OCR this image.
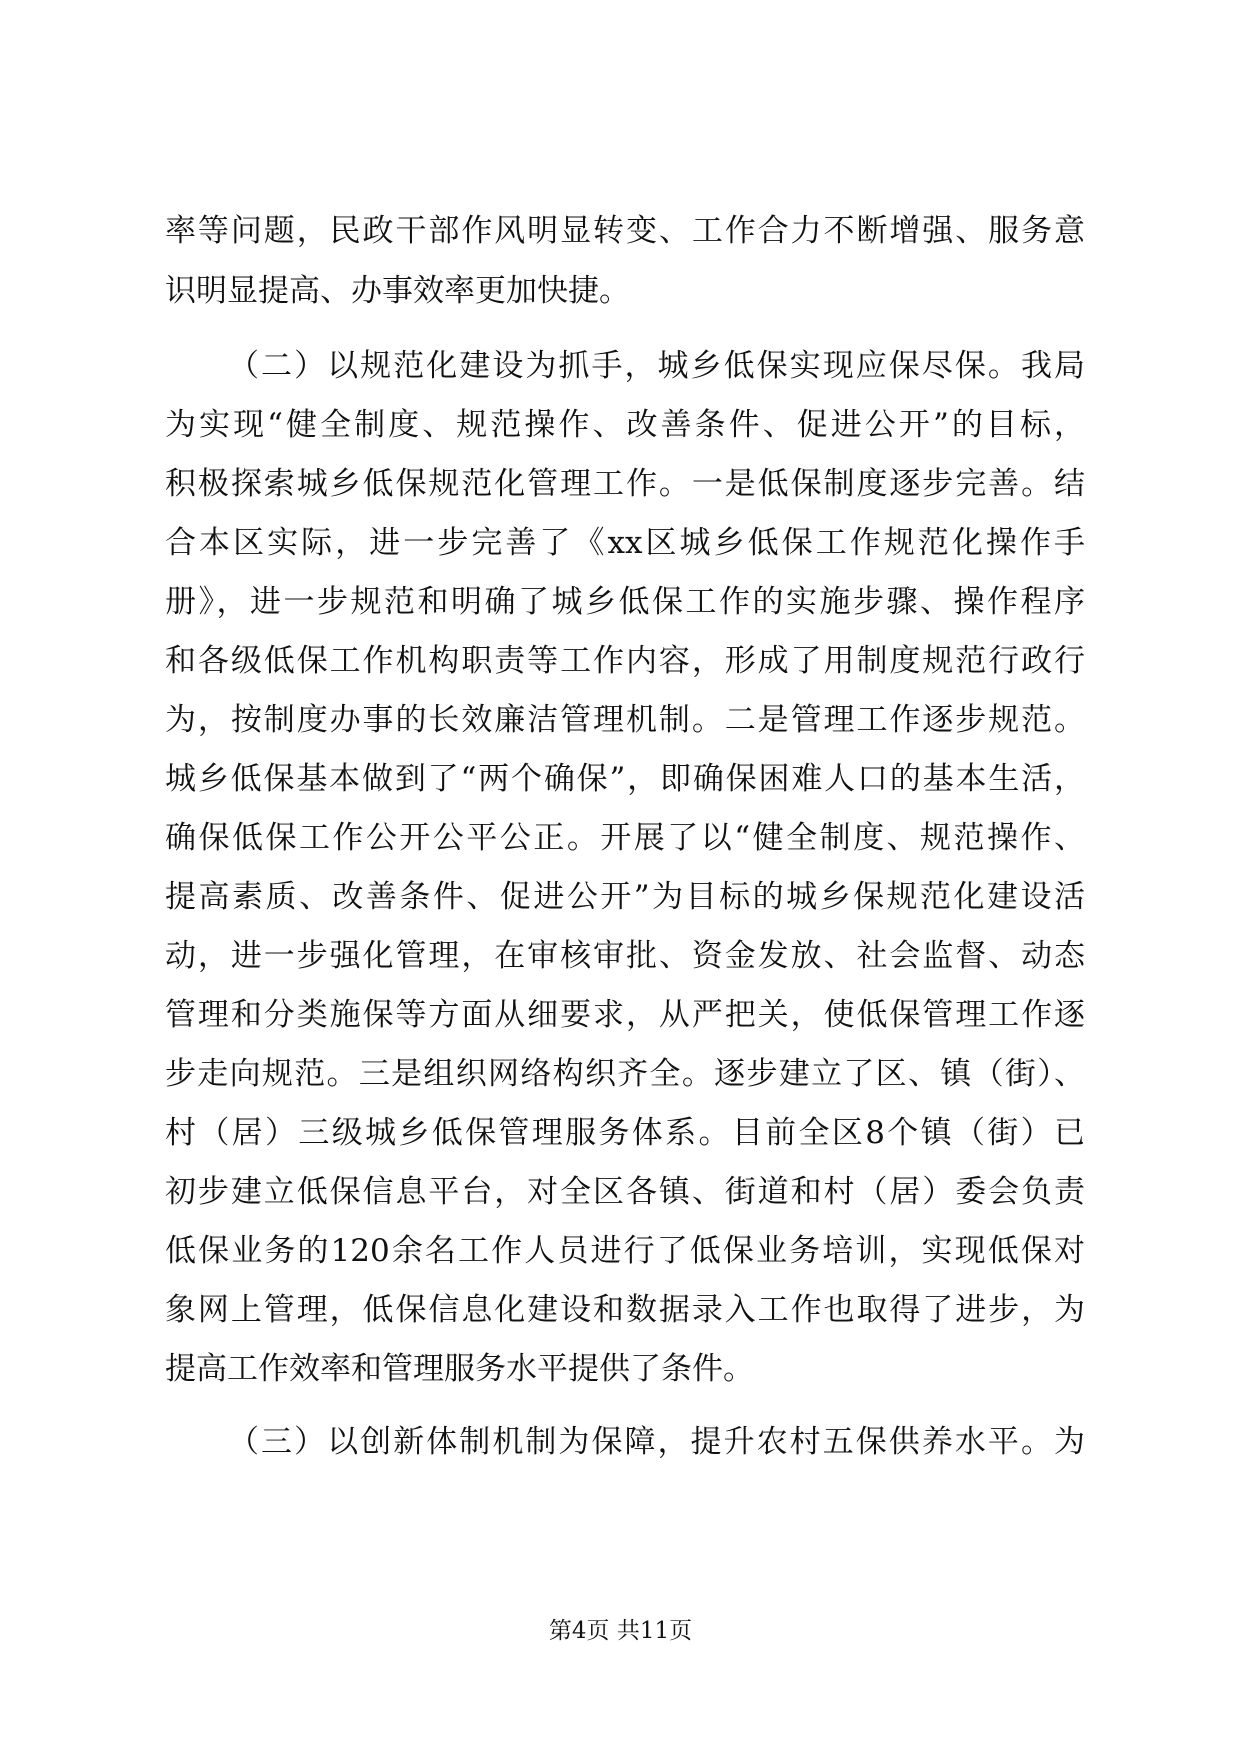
率等问题，民政干部作风明显转变、工作合力不断增强、服务意
识明显提高、办事效率更加快捷。
（二）以规范化建设为抓手，城乡低保实现应保尽保。我局
为实现“健全制度、规范操作、改善条件、促进公开”的目标，
积极探索城乡低保规范化管理工作。一是低保制度逐步完善。结
合本区实际，进一步完善了《xx区城乡低保工作规范化操作手
册》，进一步规范和明确了城乡低保工作的实施步骤、操作程序
和各级低保工作机构职责等工作内容，形成了用制度规范行政行
为，按制度办事的长效廉洁管理机制。二是管理工作逐步规范。
城乡低保基本做到了“两个确保”，即确保困难人口的基本生活，
确保低保工作公开公平公正。开展了以“健全制度、规范操作、
提高素质、改善条件、促进公开”为目标的城乡保规范化建设活
动，进一步强化管理，在审核审批、资金发放、社会监督、动态
管理和分类施保等方面从细要求，从严把关，使低保管理工作逐
步走向规范。三是组织网络构织齐全。逐步建立了区、镇（街）、
村（居）三级城乡低保管理服务体系。目前全区8个镇（街）已
初步建立低保信息平台，对全区各镇、街道和村（居）委会负责
低保业务的120余名工作人员进行了低保业务培训，实现低保对
象网上管理，低保信息化建设和数据录入工作也取得了进步，为
提高工作效率和管理服务水平提供了条件。
（三）以创新体制机制为保障，提升农村五保供养水平。为
第4页 共11页
